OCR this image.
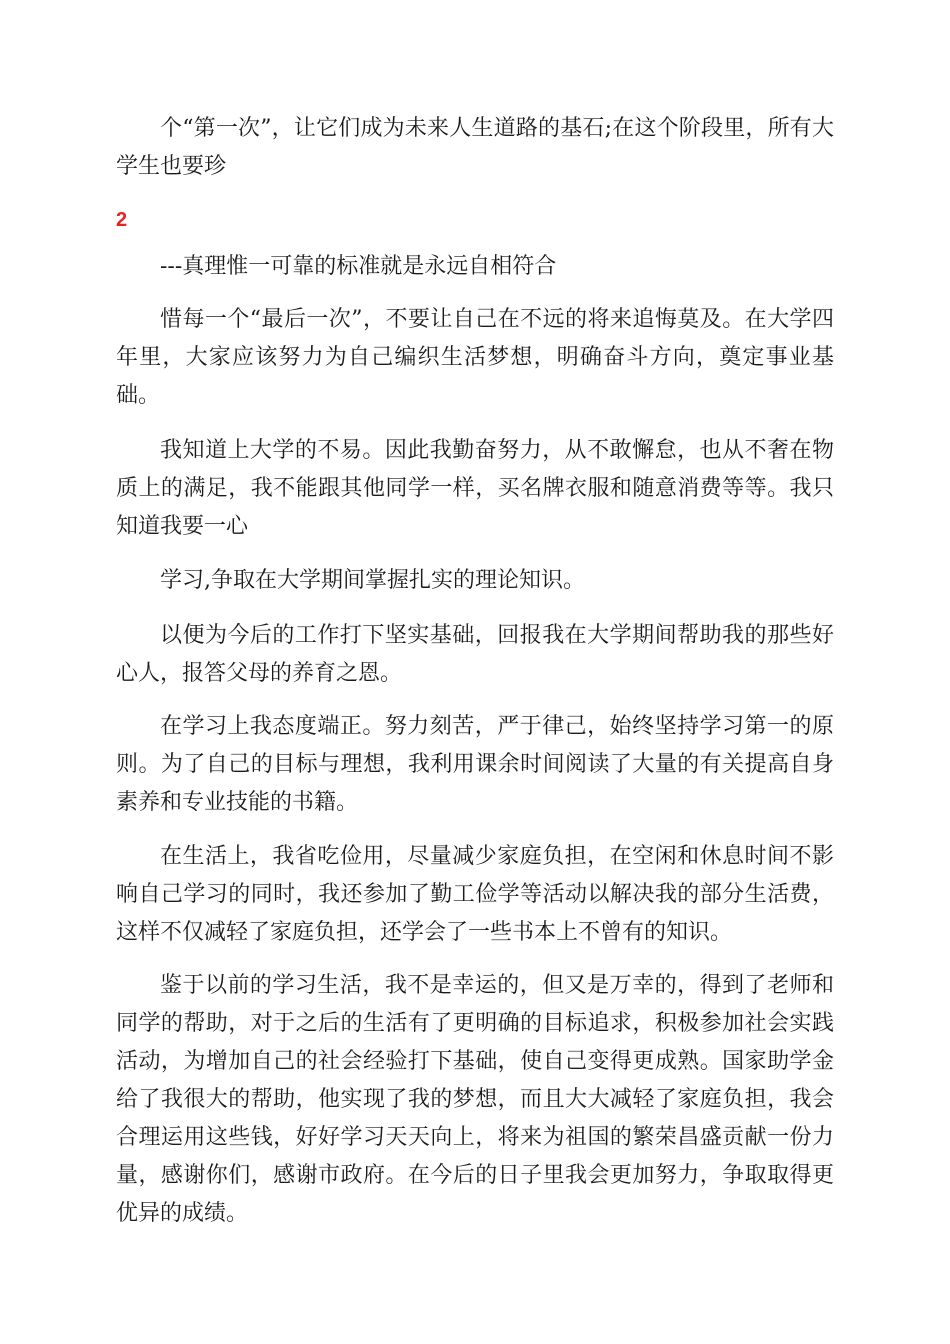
个“第一次”，让它们成为未来人生道路的基石;在这个阶段里，所有大学生也要珍

2
---真理惟一可靠的标准就是永远自相符合

惜每一个“最后一次”，不要让自己在不远的将来追悔莫及。在大学四年里，大家应该努力为自己编织生活梦想，明确奋斗方向，奠定事业基础。

我知道上大学的不易。因此我勤奋努力，从不敢懈怠，也从不奢在物质上的满足，我不能跟其他同学一样，买名牌衣服和随意消费等等。我只知道我要一心

学习,争取在大学期间掌握扎实的理论知识。

以便为今后的工作打下坚实基础，回报我在大学期间帮助我的那些好心人，报答父母的养育之恩。

在学习上我态度端正。努力刻苦，严于律己，始终坚持学习第一的原则。为了自己的目标与理想，我利用课余时间阅读了大量的有关提高自身素养和专业技能的书籍。

在生活上，我省吃俭用，尽量减少家庭负担，在空闲和休息时间不影响自己学习的同时，我还参加了勤工俭学等活动以解决我的部分生活费，这样不仅减轻了家庭负担，还学会了一些书本上不曾有的知识。

鉴于以前的学习生活，我不是幸运的，但又是万幸的，得到了老师和同学的帮助，对于之后的生活有了更明确的目标追求，积极参加社会实践活动，为增加自己的社会经验打下基础，使自己变得更成熟。国家助学金给了我很大的帮助，他实现了我的梦想，而且大大减轻了家庭负担，我会合理运用这些钱，好好学习天天向上，将来为祖国的繁荣昌盛贡献一份力量，感谢你们，感谢市政府。在今后的日子里我会更加努力，争取取得更优异的成绩。
